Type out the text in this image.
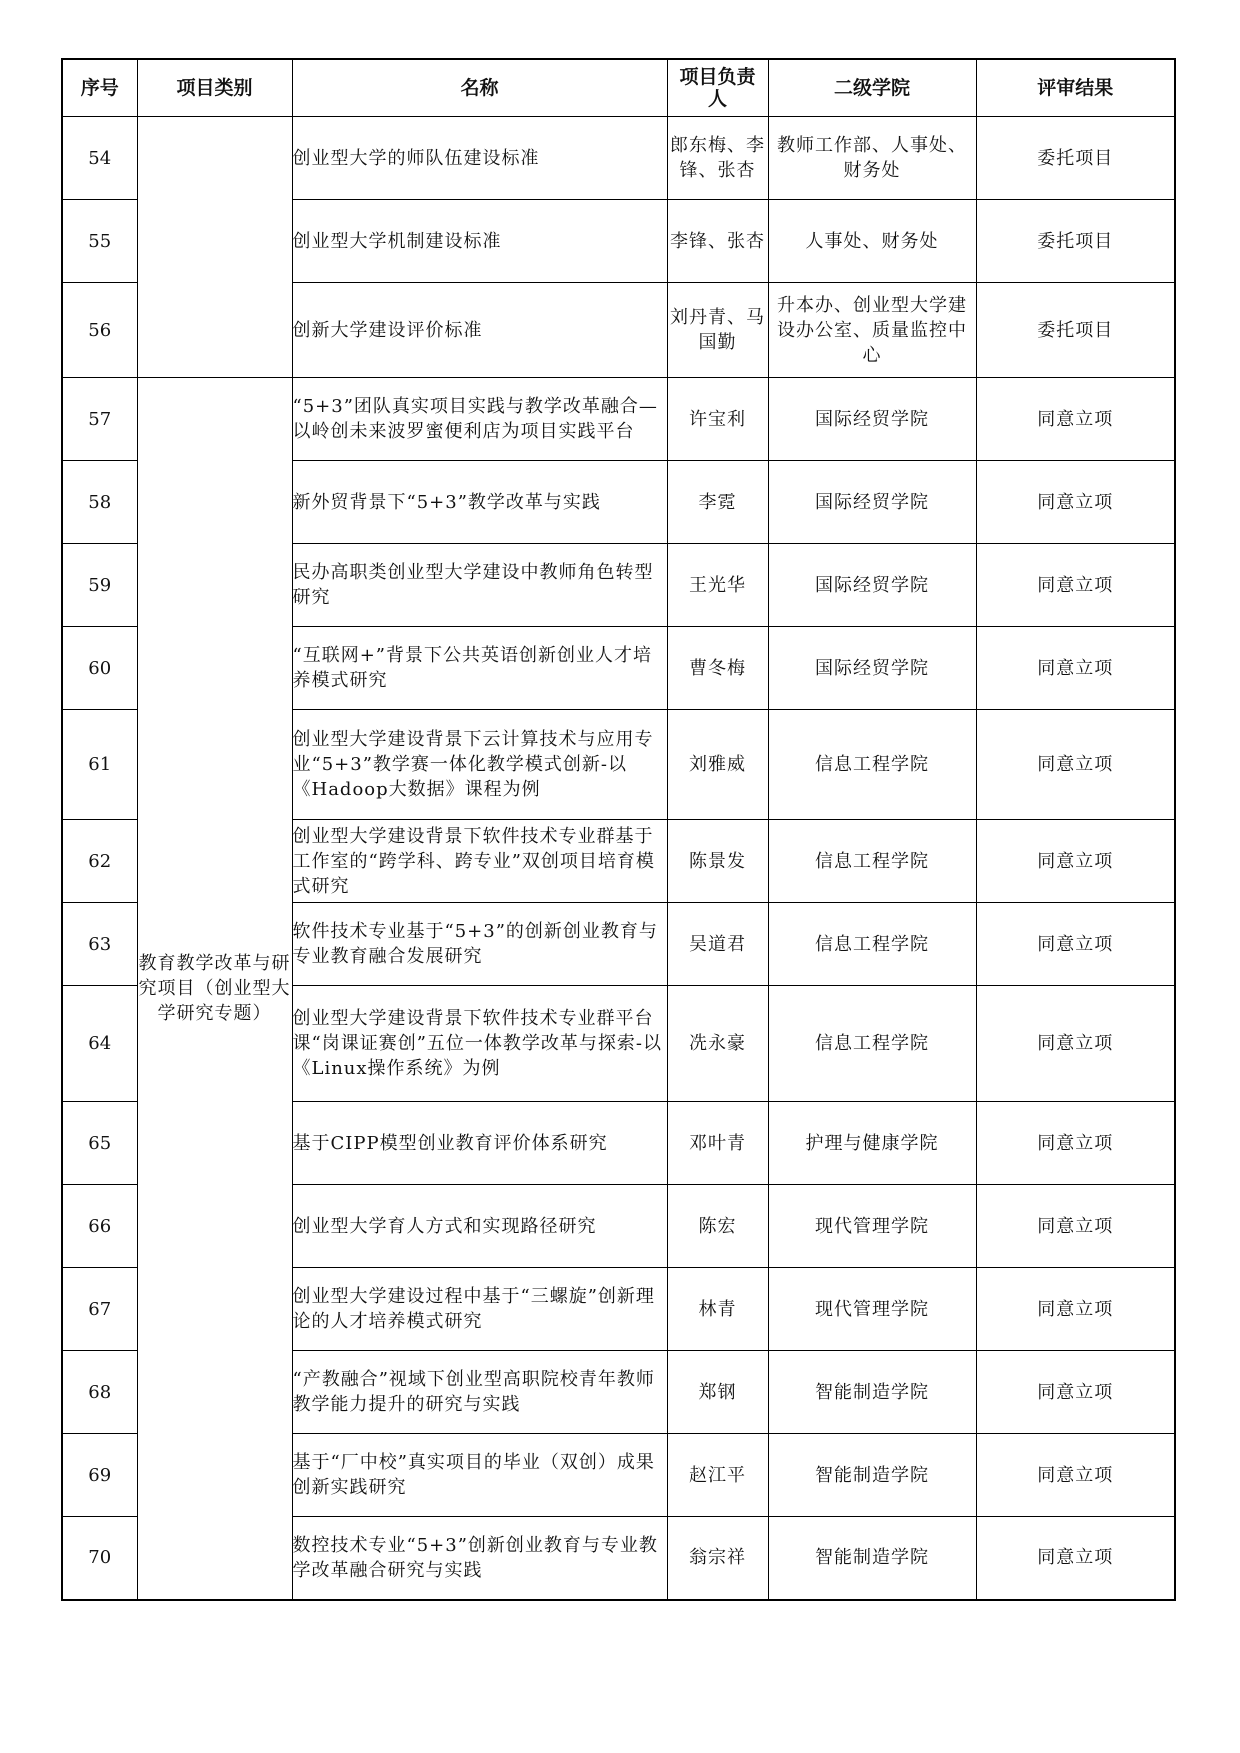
序号	项目类别	名称	项目负责人	二级学院	评审结果
54		创业型大学的师队伍建设标准	郎东梅、李锋、张杏	教师工作部、人事处、财务处	委托项目
55		创业型大学机制建设标准	李锋、张杏	人事处、财务处	委托项目
56		创新大学建设评价标准	刘丹青、马国勤	升本办、创业型大学建设办公室、质量监控中心	委托项目
57	教育教学改革与研究项目（创业型大学研究专题）	“5+3”团队真实项目实践与教学改革融合—以岭创未来波罗蜜便利店为项目实践平台	许宝利	国际经贸学院	同意立项
58		新外贸背景下“5+3”教学改革与实践	李霓	国际经贸学院	同意立项
59		民办高职类创业型大学建设中教师角色转型研究	王光华	国际经贸学院	同意立项
60		“互联网+”背景下公共英语创新创业人才培养模式研究	曹冬梅	国际经贸学院	同意立项
61		创业型大学建设背景下云计算技术与应用专业“5+3”教学赛一体化教学模式创新-以《Hadoop大数据》课程为例	刘雅威	信息工程学院	同意立项
62		创业型大学建设背景下软件技术专业群基于工作室的“跨学科、跨专业”双创项目培育模式研究	陈景发	信息工程学院	同意立项
63		软件技术专业基于“5+3”的创新创业教育与专业教育融合发展研究	吴道君	信息工程学院	同意立项
64		创业型大学建设背景下软件技术专业群平台课“岗课证赛创”五位一体教学改革与探索-以《Linux操作系统》为例	冼永豪	信息工程学院	同意立项
65		基于CIPP模型创业教育评价体系研究	邓叶青	护理与健康学院	同意立项
66		创业型大学育人方式和实现路径研究	陈宏	现代管理学院	同意立项
67		创业型大学建设过程中基于“三螺旋”创新理论的人才培养模式研究	林青	现代管理学院	同意立项
68		“产教融合”视域下创业型高职院校青年教师教学能力提升的研究与实践	郑钢	智能制造学院	同意立项
69		基于“厂中校”真实项目的毕业（双创）成果创新实践研究	赵江平	智能制造学院	同意立项
70		数控技术专业“5+3”创新创业教育与专业教学改革融合研究与实践	翁宗祥	智能制造学院	同意立项
